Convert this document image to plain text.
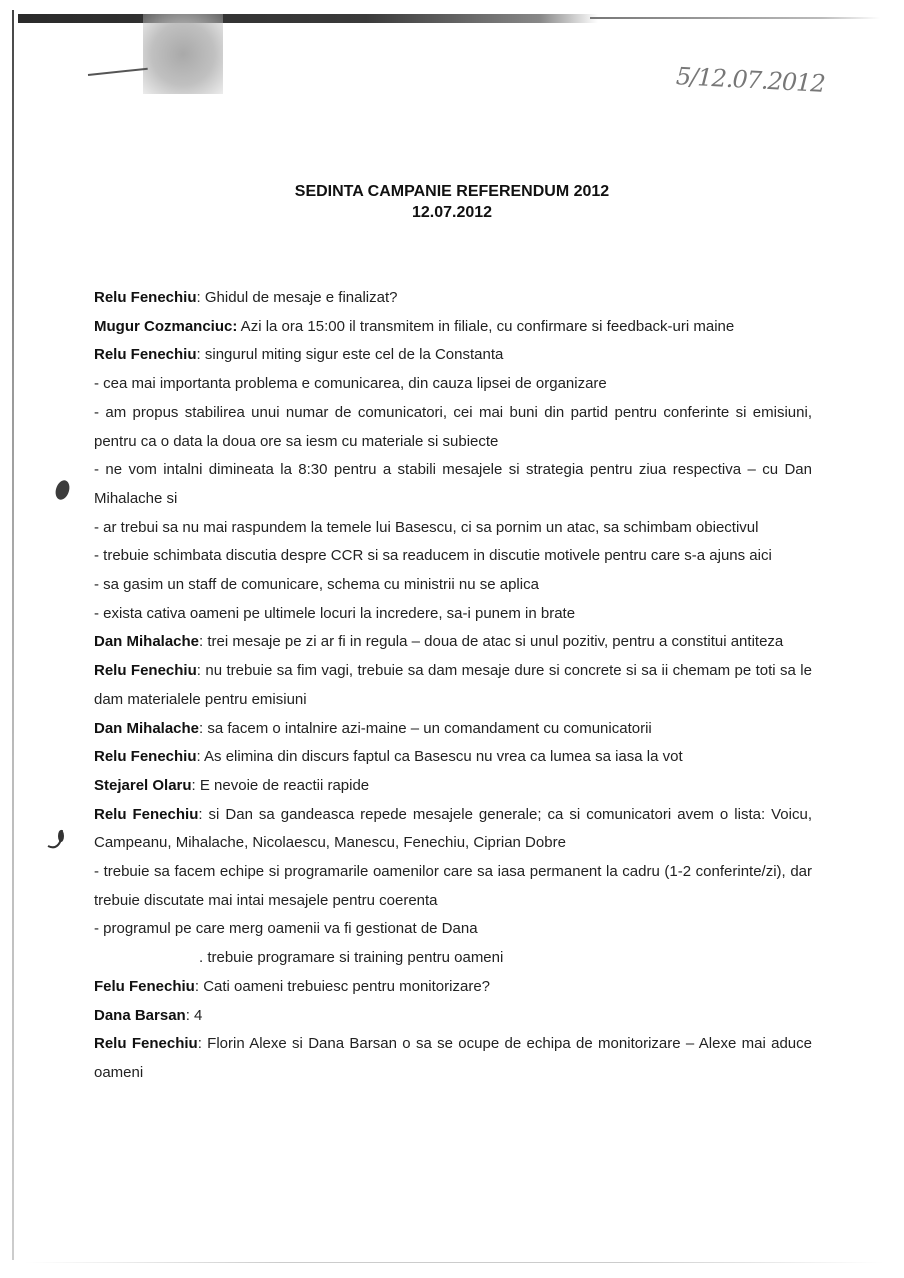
5/12.07.2012
SEDINTA CAMPANIE REFERENDUM 2012
12.07.2012

Relu Fenechiu: Ghidul de mesaje e finalizat?

Mugur Cozmanciuc: Azi la ora 15:00 il transmitem in filiale, cu confirmare si feedback-uri maine

Relu Fenechiu: singurul miting sigur este cel de la Constanta

- cea mai importanta problema e comunicarea, din cauza lipsei de organizare

- am propus stabilirea unui numar de comunicatori, cei mai buni din partid pentru conferinte si emisiuni, pentru ca o data la doua ore sa iesm cu materiale si subiecte

- ne vom intalni dimineata la 8:30 pentru a stabili mesajele si strategia pentru ziua respectiva – cu Dan Mihalache si

- ar trebui sa nu mai raspundem la temele lui Basescu, ci sa pornim un atac, sa schimbam obiectivul

- trebuie schimbata discutia despre CCR si sa readucem in discutie motivele pentru care s-a ajuns aici

- sa gasim un staff de comunicare, schema cu ministrii nu se aplica

- exista cativa oameni pe ultimele locuri la incredere, sa-i punem in brate

Dan Mihalache: trei mesaje pe zi ar fi in regula – doua de atac si unul pozitiv, pentru a constitui antiteza

Relu Fenechiu: nu trebuie sa fim vagi, trebuie sa dam mesaje dure si concrete si sa ii chemam pe toti sa le dam materialele pentru emisiuni

Dan Mihalache: sa facem o intalnire azi-maine – un comandament cu comunicatorii

Relu Fenechiu: As elimina din discurs faptul ca Basescu nu vrea ca lumea sa iasa la vot

Stejarel Olaru: E nevoie de reactii rapide

Relu Fenechiu: si Dan sa gandeasca repede mesajele generale; ca si comunicatori avem o lista: Voicu, Campeanu, Mihalache, Nicolaescu, Manescu, Fenechiu, Ciprian Dobre

- trebuie sa facem echipe si programarile oamenilor care sa iasa permanent la cadru (1-2 conferinte/zi), dar trebuie discutate mai intai mesajele pentru coerenta

- programul pe care merg oamenii va fi gestionat de Dana

. trebuie programare si training pentru oameni

Felu Fenechiu: Cati oameni trebuiesc pentru monitorizare?

Dana Barsan: 4

Relu Fenechiu: Florin Alexe si Dana Barsan o sa se ocupe de echipa de monitorizare – Alexe mai aduce oameni
